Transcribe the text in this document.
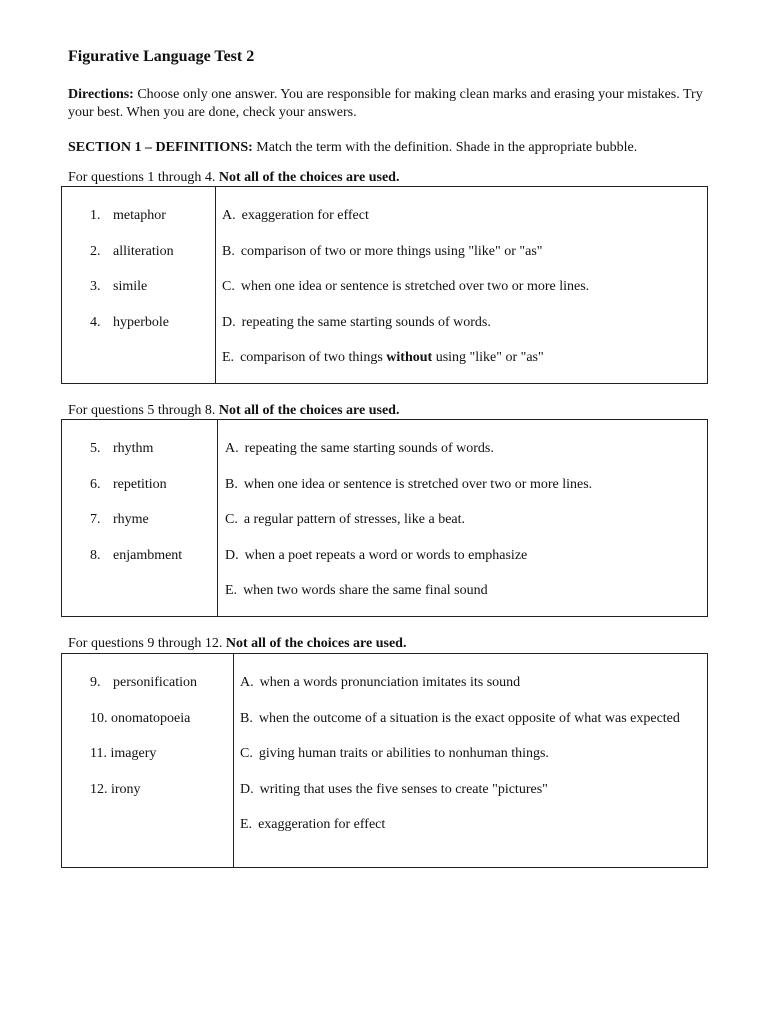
Figurative Language Test 2

Directions: Choose only one answer. You are responsible for making clean marks and erasing your mistakes. Try your best. When you are done, check your answers.

SECTION 1 – DEFINITIONS: Match the term with the definition. Shade in the appropriate bubble.

For questions 1 through 4. Not all of the choices are used.

1. metaphor
2. alliteration
3. simile
4. hyperbole
A. exaggeration for effect
B. comparison of two or more things using "like" or "as"
C. when one idea or sentence is stretched over two or more lines.
D. repeating the same starting sounds of words.
E. comparison of two things without using "like" or "as"

For questions 5 through 8. Not all of the choices are used.

5. rhythm
6. repetition
7. rhyme
8. enjambment
A. repeating the same starting sounds of words.
B. when one idea or sentence is stretched over two or more lines.
C. a regular pattern of stresses, like a beat.
D. when a poet repeats a word or words to emphasize
E. when two words share the same final sound

For questions 9 through 12. Not all of the choices are used.

9. personification
10. onomatopoeia
11. imagery
12. irony
A. when a words pronunciation imitates its sound
B. when the outcome of a situation is the exact opposite of what was expected
C. giving human traits or abilities to nonhuman things.
D. writing that uses the five senses to create "pictures"
E. exaggeration for effect
